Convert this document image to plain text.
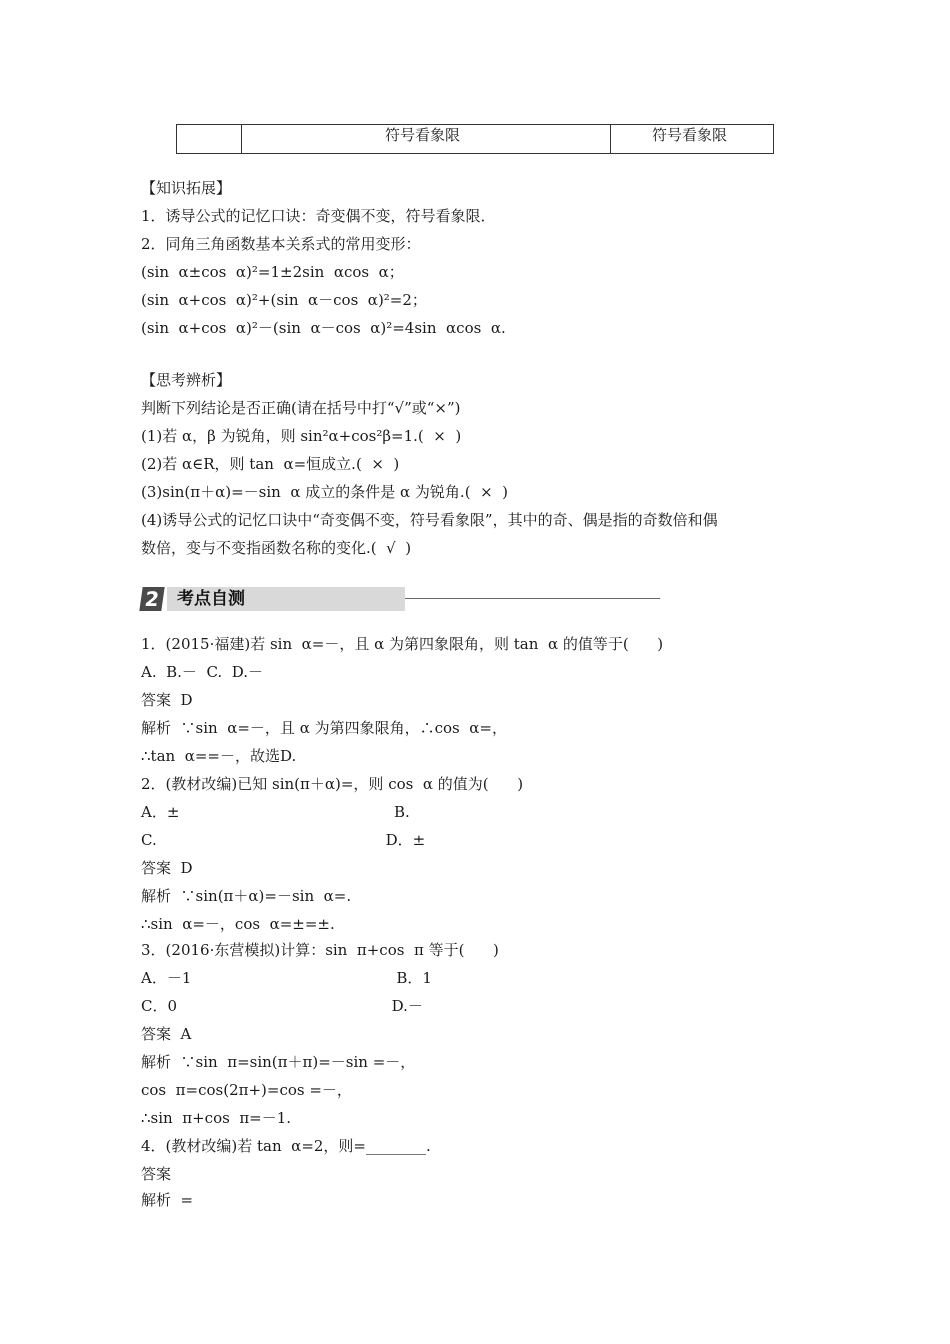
符号看象限	符号看象限
【知识拓展】
1．诱导公式的记忆口诀：奇变偶不变，符号看象限．
2．同角三角函数基本关系式的常用变形：
(sin  α±cos  α)²=1±2sin  αcos  α；
(sin  α+cos  α)²+(sin  α－cos  α)²=2；
(sin  α+cos  α)²－(sin  α－cos  α)²=4sin  αcos  α.
【思考辨析】
判断下列结论是否正确(请在括号中打“√”或“×”)
(1)若 α，β 为锐角，则 sin²α+cos²β=1.(  ×  )
(2)若 α∈R，则 tan  α=恒成立.(  ×  )
(3)sin(π＋α)=－sin  α 成立的条件是 α 为锐角.(  ×  )
(4)诱导公式的记忆口诀中“奇变偶不变，符号看象限”，其中的奇、偶是指的奇数倍和偶
数倍，变与不变指函数名称的变化.(  √  )
2 考点自测
1．(2015·福建)若 sin  α=－，且 α 为第四象限角，则 tan  α 的值等于(      )
A.  B.－  C.  D.－
答案  D
解析  ∵sin  α=－，且 α 为第四象限角，∴cos  α=，
∴tan  α==－，故选D.
2．(教材改编)已知 sin(π＋α)=，则 cos  α 的值为(      )
A．±                                             B.
C.                                                D．±
答案  D
解析  ∵sin(π＋α)=－sin  α=.
∴sin  α=－，cos  α=±=±.
3．(2016·东营模拟)计算：sin  π+cos  π 等于(      )
A．－1                                           B．1
C．0                                             D.－
答案  A
解析  ∵sin  π=sin(π＋π)=－sin =－，
cos  π=cos(2π+)=cos =－，
∴sin  π+cos  π=－1.
4．(教材改编)若 tan  α=2，则=________.
答案
解析  =
